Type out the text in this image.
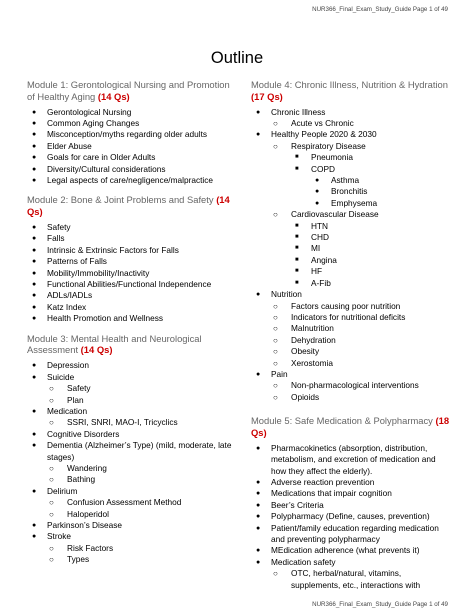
NUR366_Final_Exam_Study_Guide Page 1 of 49
Outline

Module 1: Gerontological Nursing and Promotion of Healthy Aging (14 Qs)

●	Gerontological Nursing
●	Common Aging Changes
●	Misconception/myths regarding older adults
●	Elder Abuse
●	Goals for care in Older Adults
●	Diversity/Cultural considerations
●	Legal aspects of care/negligence/malpractice

Module 2: Bone & Joint Problems and Safety (14 Qs)

●	Safety
●	Falls
●	Intrinsic & Extrinsic Factors for Falls
●	Patterns of Falls
●	Mobility/Immobility/Inactivity
●	Functional Abilities/Functional Independence
●	ADLs/IADLs
●	Katz Index
●	Health Promotion and Wellness

Module 3: Mental Health and Neurological Assessment (14 Qs)

●	Depression
●	Suicide
○	Safety
○	Plan
●	Medication
○	SSRI, SNRI, MAO-I, Tricyclics
●	Cognitive Disorders
●	Dementia (Alzheimer’s Type) (mild, moderate, late stages)
○	Wandering
○	Bathing
●	Delirium
○	Confusion Assessment Method
○	Haloperidol
●	Parkinson’s Disease
●	Stroke
○	Risk Factors
○	Types

Module 4: Chronic Illness, Nutrition & Hydration (17 Qs)

●	Chronic Illness
○	Acute vs Chronic
●	Healthy People 2020 & 2030
○	Respiratory Disease
■	Pneumonia
■	COPD
●	Asthma
●	Bronchitis
●	Emphysema
○	Cardiovascular Disease
■	HTN
■	CHD
■	MI
■	Angina
■	HF
■	A-Fib
●	Nutrition
○	Factors causing poor nutrition
○	Indicators for nutritional deficits
○	Malnutrition
○	Dehydration
○	Obesity
○	Xerostomia
●	Pain
○	Non-pharmacological interventions
○	Opioids

Module 5: Safe Medication & Polypharmacy (18 Qs)

●	Pharmacokinetics (absorption, distribution, metabolism, and excretion of medication and how they affect the elderly).
●	Adverse reaction prevention
●	Medications that impair cognition
●	Beer’s Criteria
●	Polypharmacy (Define, causes, prevention)
●	Patient/family education regarding medication and preventing polypharmacy
●	MEdication adherence (what prevents it)
●	Medication safety
○	OTC, herbal/natural, vitamins, supplements, etc., interactions with
NUR366_Final_Exam_Study_Guide Page 1 of 49
